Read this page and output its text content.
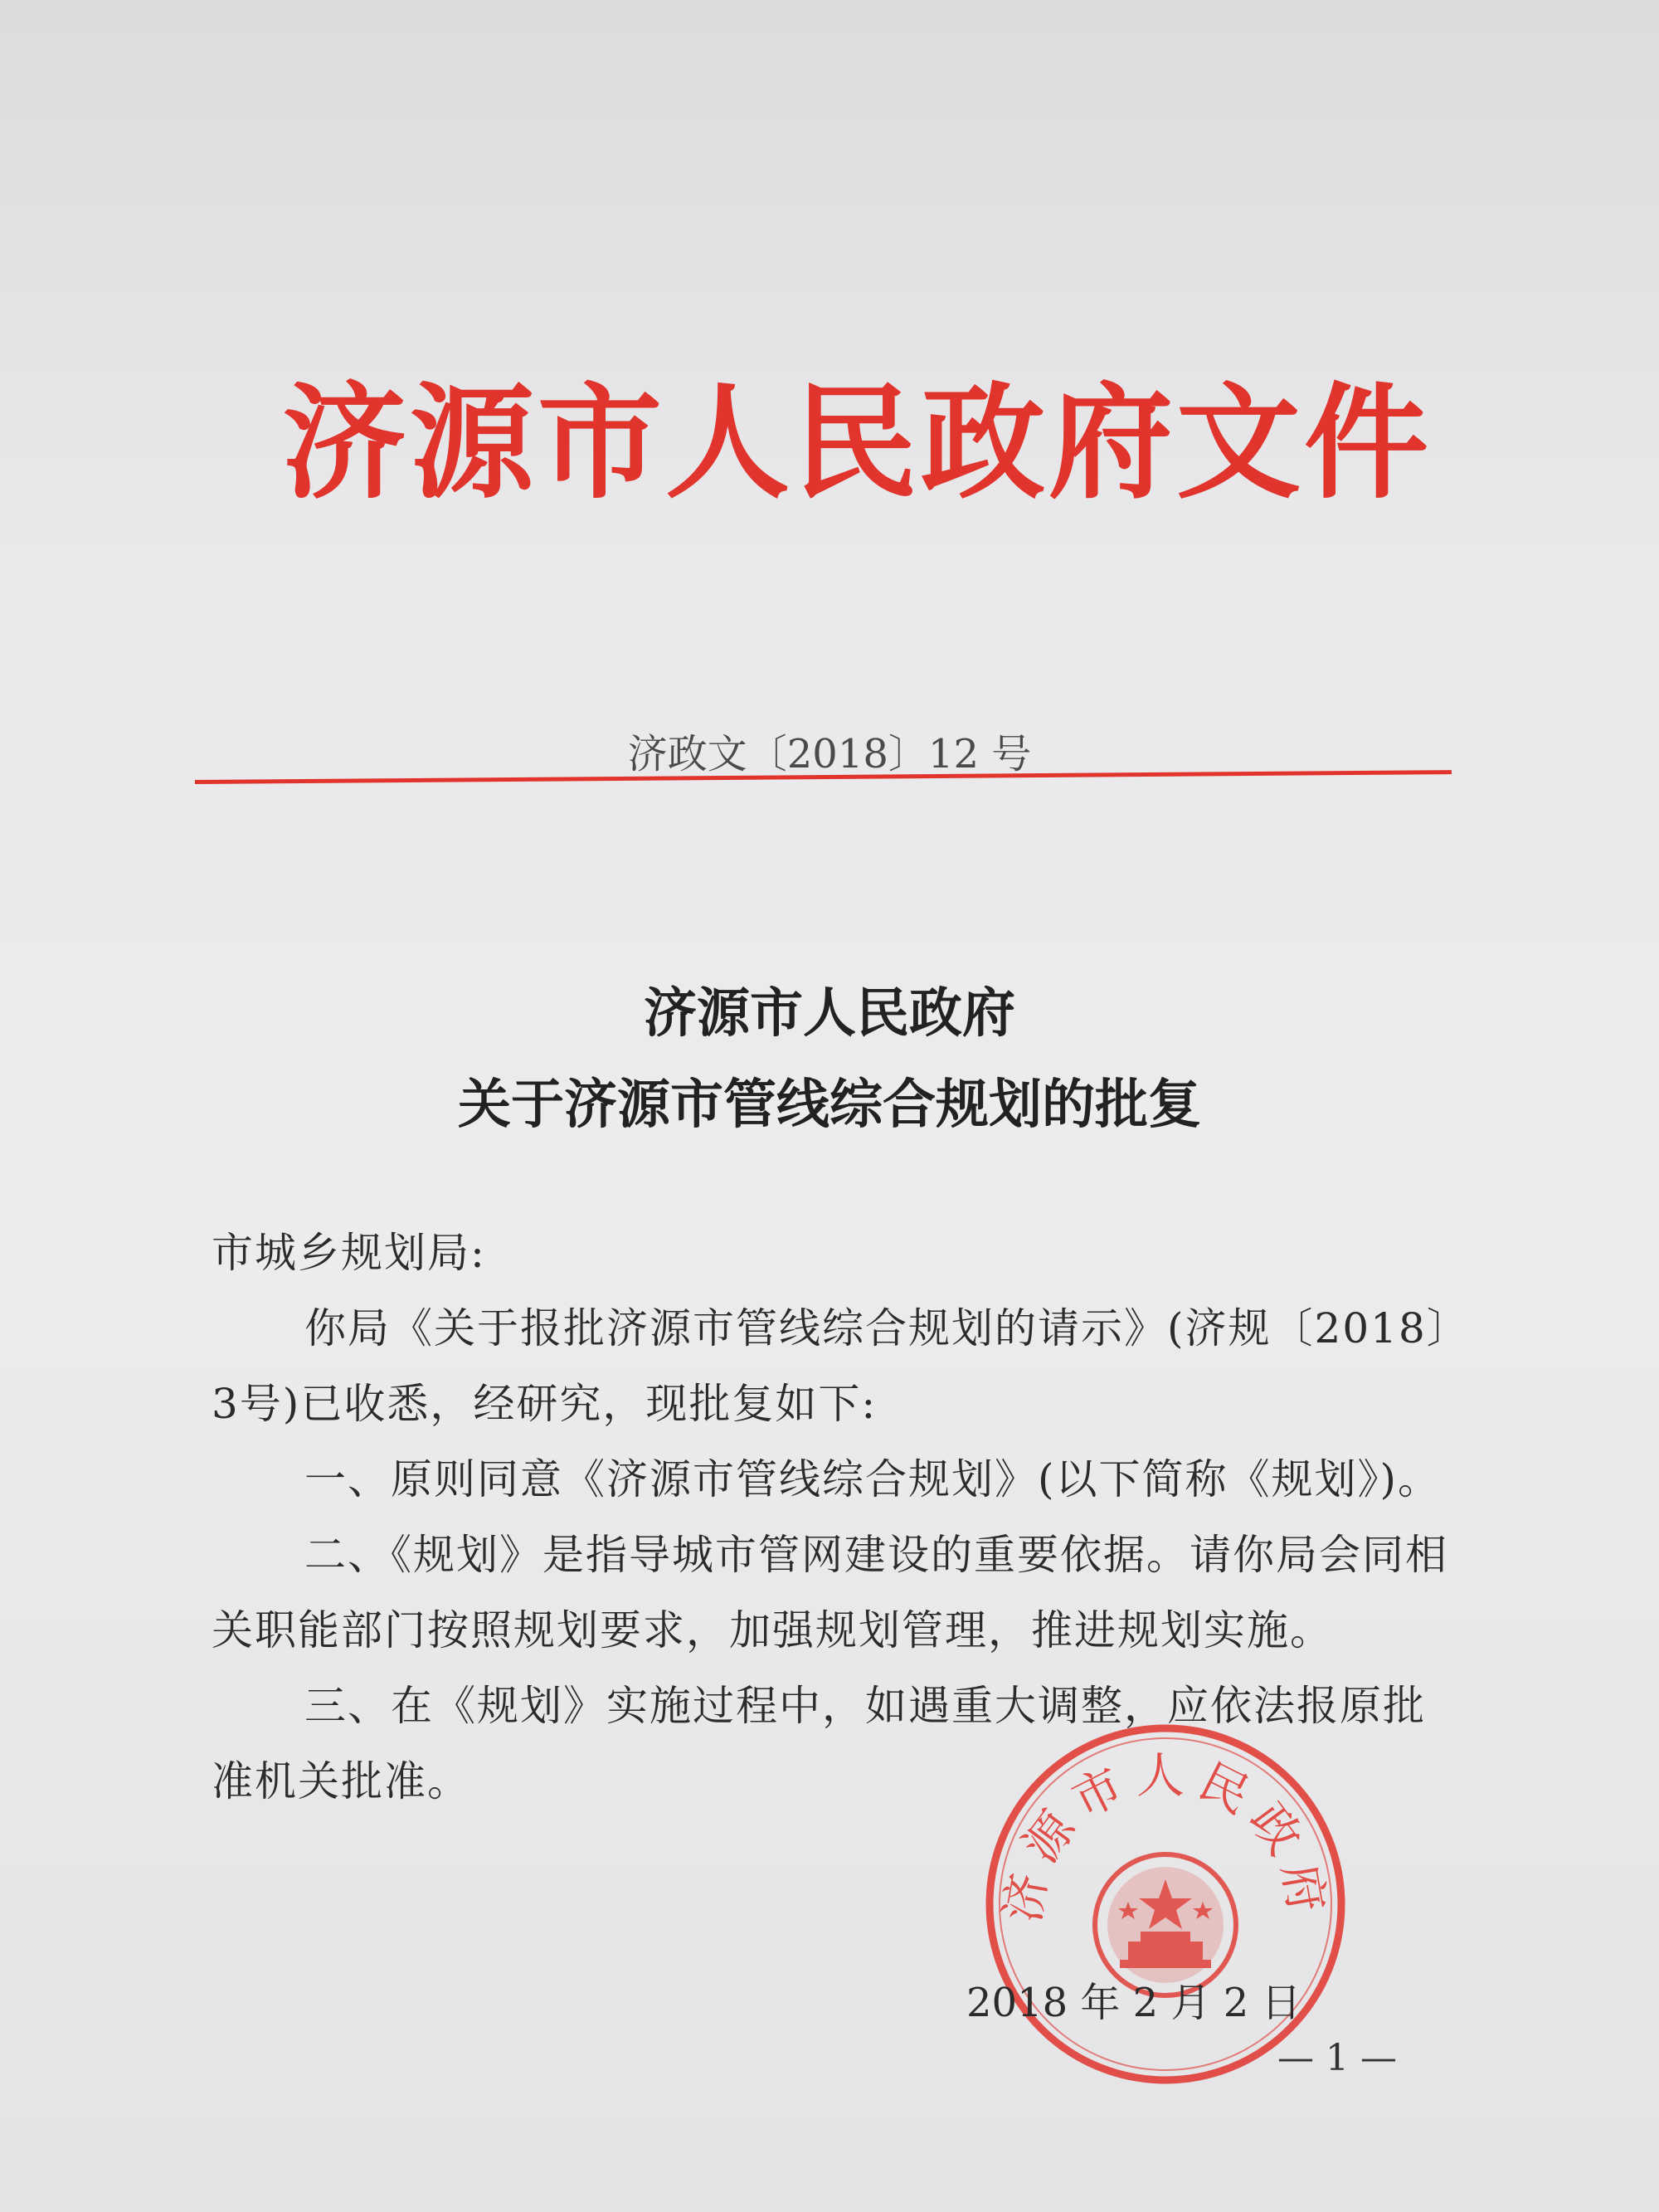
济源市人民政府文件
济政文〔2018〕12 号
济源市人民政府
关于济源市管线综合规划的批复

市城乡规划局:

你局《关于报批济源市管线综合规划的请示》(济规〔2018〕3号)已收悉，经研究，现批复如下:

一、原则同意《济源市管线综合规划》(以下简称《规划》)。

二、《规划》是指导城市管网建设的重要依据。请你局会同相关职能部门按照规划要求，加强规划管理，推进规划实施。

三、在《规划》实施过程中，如遇重大调整，应依法报原批准机关批准。

济源市人民政府
2018 年 2 月 2 日
— 1 —
